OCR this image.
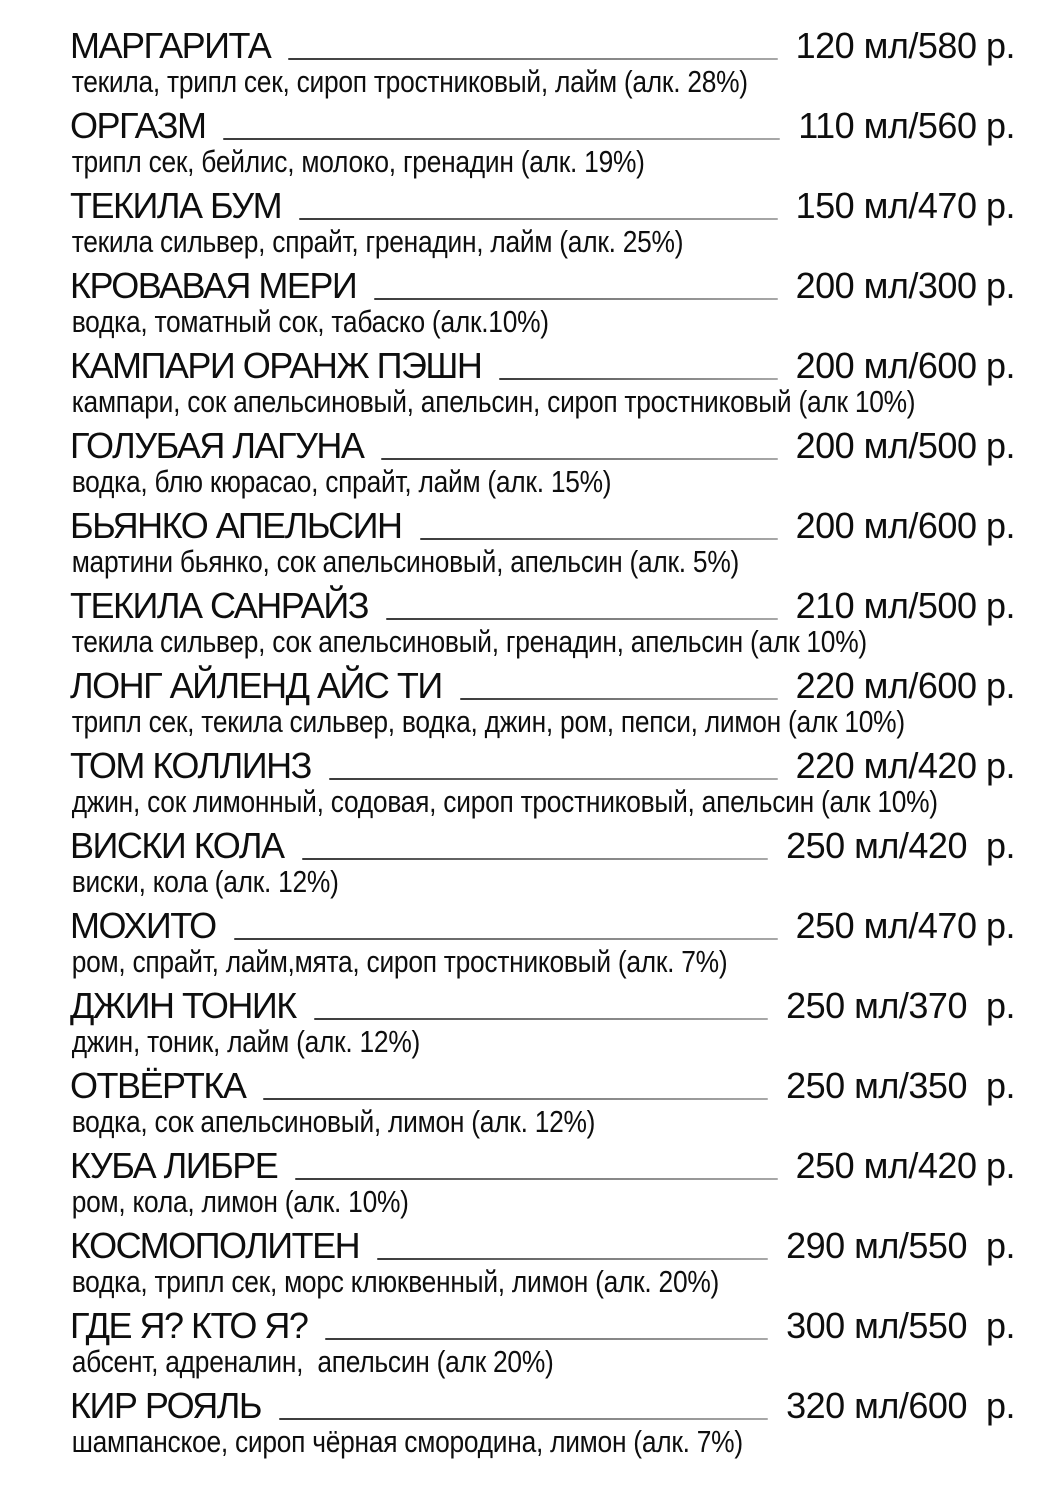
МАРГАРИТА	120 мл/580 р.
текила, трипл сек, сироп тростниковый, лайм (алк. 28%)
ОРГАЗМ	110 мл/560 р.
трипл сек, бейлис, молоко, гренадин (алк. 19%)
ТЕКИЛА БУМ	150 мл/470 р.
текила сильвер, спрайт, гренадин, лайм (алк. 25%)
КРОВАВАЯ МЕРИ	200 мл/300 р.
водка, томатный сок, табаско (алк.10%)
КАМПАРИ ОРАНЖ ПЭШН	200 мл/600 р.
кампари, сок апельсиновый, апельсин, сироп тростниковый (алк 10%)
ГОЛУБАЯ ЛАГУНА	200 мл/500 р.
водка, блю кюрасао, спрайт, лайм (алк. 15%)
БЬЯНКО АПЕЛЬСИН	200 мл/600 р.
мартини бьянко, сок апельсиновый, апельсин (алк. 5%)
ТЕКИЛА САНРАЙЗ	210 мл/500 р.
текила сильвер, сок апельсиновый, гренадин, апельсин (алк 10%)
ЛОНГ АЙЛЕНД АЙС ТИ	220 мл/600 р.
трипл сек, текила сильвер, водка, джин, ром, пепси, лимон (алк 10%)
ТОМ КОЛЛИНЗ	220 мл/420 р.
джин, сок лимонный, содовая, сироп тростниковый, апельсин (алк 10%)
ВИСКИ КОЛА	250 мл/420  р.
виски, кола (алк. 12%)
МОХИТО	250 мл/470 р.
ром, спрайт, лайм,мята, сироп тростниковый (алк. 7%)
ДЖИН ТОНИК	250 мл/370  р.
джин, тоник, лайм (алк. 12%)
ОТВЁРТКА	250 мл/350  р.
водка, сок апельсиновый, лимон (алк. 12%)
КУБА ЛИБРЕ	250 мл/420 р.
ром, кола, лимон (алк. 10%)
КОСМОПОЛИТЕН	290 мл/550  р.
водка, трипл сек, морс клюквенный, лимон (алк. 20%)
ГДЕ Я? КТО Я?	300 мл/550  р.
абсент, адреналин,  апельсин (алк 20%)
КИР РОЯЛЬ	320 мл/600  р.
шампанское, сироп чёрная смородина, лимон (алк. 7%)
